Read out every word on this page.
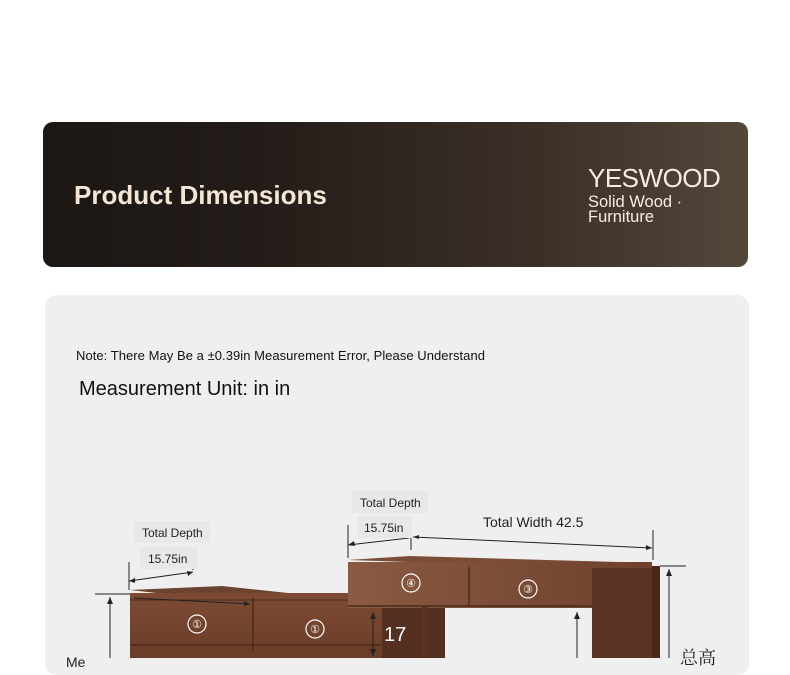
Product Dimensions
YESWOOD
Solid Wood ·
Furniture
Note: There May Be a ±0.39in Measurement Error, Please Understand
Measurement Unit: in in
①	①
④	③
17
Total Depth
15.75in
Total Depth
15.75in	Total Width 42.5
总高
Me
